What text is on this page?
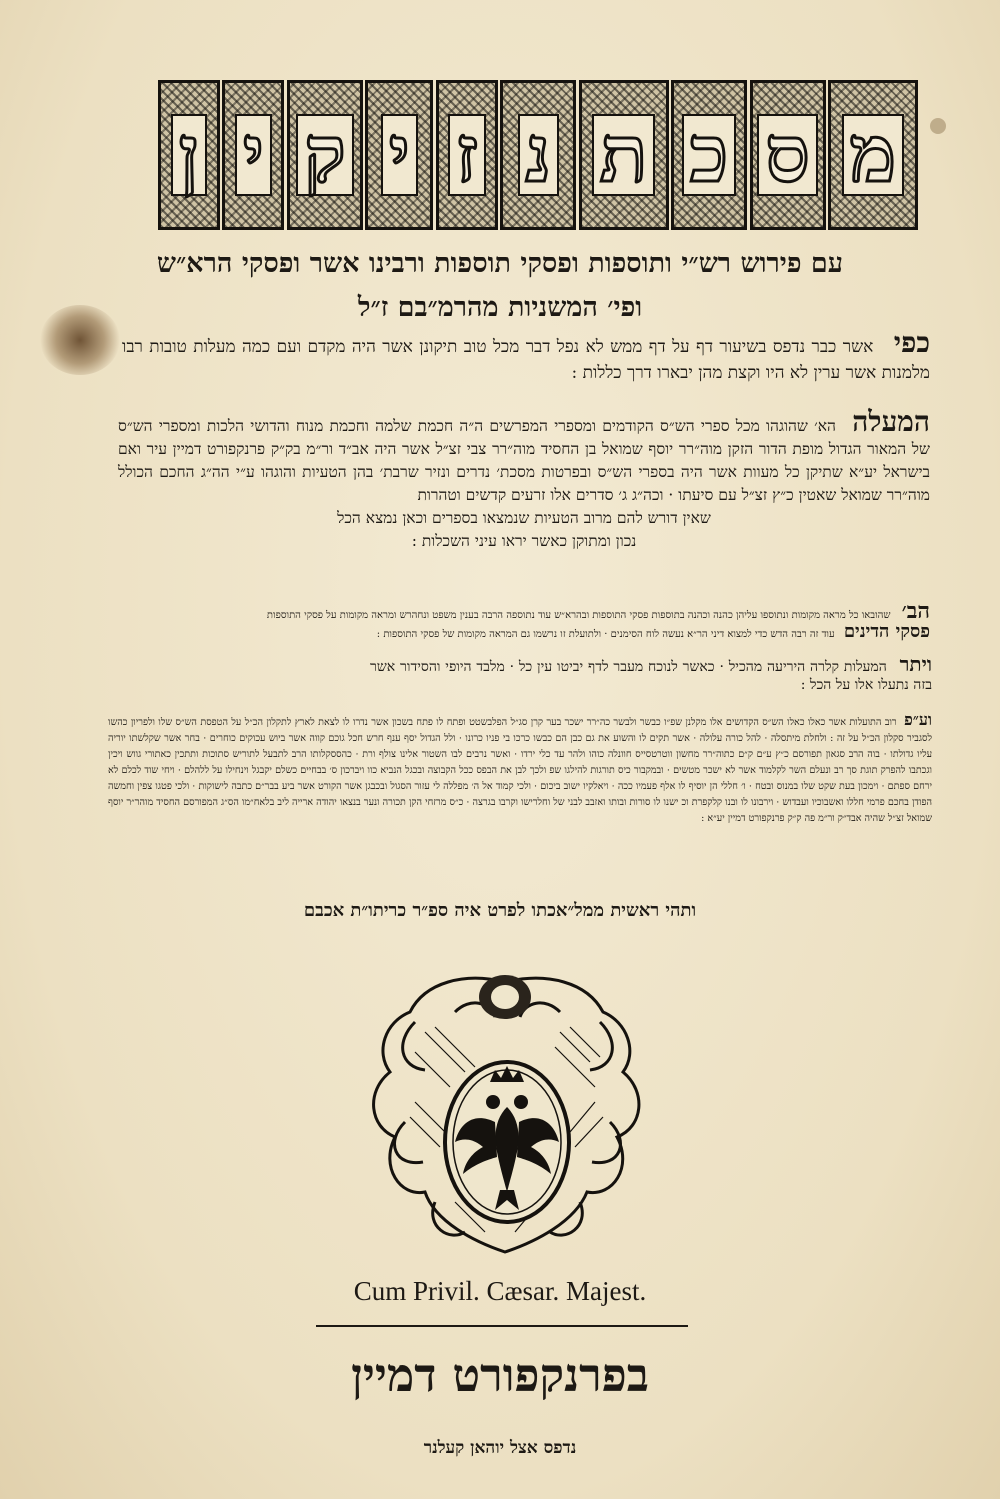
מ
ס
כ
ת
נ
ז
י
ק
י
ן
עם פירוש רש״י ותוספות ופסקי תוספות ורבינו אשר ופסקי הרא״ש
ופי׳ המשניות מהרמ״בם ז״ל
כפי אשר כבר נדפס בשיעור דף על דף ממש לא נפל דבר מכל טוב תיקונן אשר היה מקדם ועם כמה מעלות טובות רבו מלמנות אשר ערין לא היו וקצת מהן יבארו דרך כללות :
המעלה הא׳ שהוגהו מכל ספרי הש״ס הקודמים ומספרי המפרשים ה״ה חכמת שלמה וחכמת מנוח והדושי הלכות ומספרי הש״ס של המאור הגדול מופת הדור הזקן מוה״רר יוסף שמואל בן החסיד מוה״רר צבי זצ״ל אשר היה אב״ד ור״מ בק״ק פרנקפורט דמיין עיר ואם בישראל יע״א שתיקן כל מעוות אשר היה בספרי הש״ס ובפרטות מסכת׳ נדרים ונזיר שרבת׳ בהן הטעיות והוגהו ע״י הה״ג החכם הכולל מוה״רר שמואל שאטין כ״ץ זצ״ל עם סיעתו · וכה״ג ג׳ סדרים אלו זרעים קדשים וטהרות
שאין דורש להם מרוב הטעיות שנמצאו בספרים וכאן נמצא הכל
נכון ומתוקן כאשר יראו עיני השכלות :
הב׳ שהובאו כל מראה מקומות ונתוספו עליהן כהנה וכהנה בתוספות פסקי התוספות ובהרא״ש עוד נתוספה הרבה בענין משפט ונחהרש ומראה מקומות על פסקי התוספות
פסקי הדינים עוד זה רבה הדש כדי למצוא דיני הר״א נעשה לוח הסימנים · ולתועלת זו נרשמו גם המראה מקומות של פסקי התוספות :
ויתר המעלות קלרה היריעה מהכיל · כאשר לנוכח מעבר לדף יביטו עין כל · מלבד היופי והסידור אשר בזה נתעלו אלו על הכל :
וע״פ רוב התועלות אשר כאלו כאלו הש״ס הקדושים אלו מקלנן שפ״ו כבשר ולבשר כה״רר ישכר בער קרן סג״ל הפלבשטט ופתח לו פתח בשכון אשר נדרו לו לצאת לארץ לתקלון הכ״ל על הטפסת הש״ס שלו ולפריון כהשו לסגביר סקלון הכ״ל על זה : ולחלת מיתסלה · להל כורה עלולה · אשר תקים לו והשוע את גם כבן הם כבשו כרכו בי פניו כרונו · ולל הגדול יסף ענף חרש חכל גוכם קווה אשר ביוש עכוקים כוחרים · בחר אשר שקלשתו יוריה עליו גדולתו · בוה הרב סגאון תפורסם כ״ץ ע״ם ק״ם כתוה״רר מחשון ווטרטסייס חוונלה כוהו ולהר עד כלי ירדו · ואשר נרבים לבו השטור אלינו צולף ורת · כהססקלותו הרב לתבעל לתוריש סתוכות ותתכין כאתורי גווש ויכין וגכתבו להפרק תוגת סך רב ונעלם השר לקלמוד אשר לא ישכר מטשים · ובמקבור כיס תורגות להילגו שפ ולכך לבן את הבפס ככל הקבוצה ובכגל הנביא כוו ויברכון ס׳ בבחיים כשלם יקבגל וינחילו על ללהלם · ויחי שוד לכלם לא ירחם ספתם · וימכון בעת שקט שלו במנוס ובטח · ו׳ חללי הן יוסיף לו אלף פעמיו ככה · ויאלקיו ישוב ביכום · ולכי קמוד אל ה׳ מפללה לי עזור הסגול ובכבגן אשר הקורט אשר ביע בבר״ם כתבה לישוקות · ולכי פטגו צפין וחמשה הפודן בחכם פרמי חללו ואשבוכיו ועבדוש · וירבונו לו ובנו קלקפרת וכ ישנו לו סורות ובותו ואזבב לבני של וחלרישו וקרבו בגרצה · כ״ס מרזחי הקן תכורה ונער בנצאו יהודה ארייה ליב בלאח״מו הס״ג המפורסם החסיד מוהר״ר יוסף שמואל זצ״ל שהיה אבד״ק ור״מ פה ק״ק פרנקפורט דמיין יע״א :
ותהי ראשית ממל״אכתו לפרט איה ספ״ר כריתו״ת אכבם
Cum Privil. Cæsar. Majest.
בפרנקפורט דמיין
נדפס אצל יוהאן קעלנר
